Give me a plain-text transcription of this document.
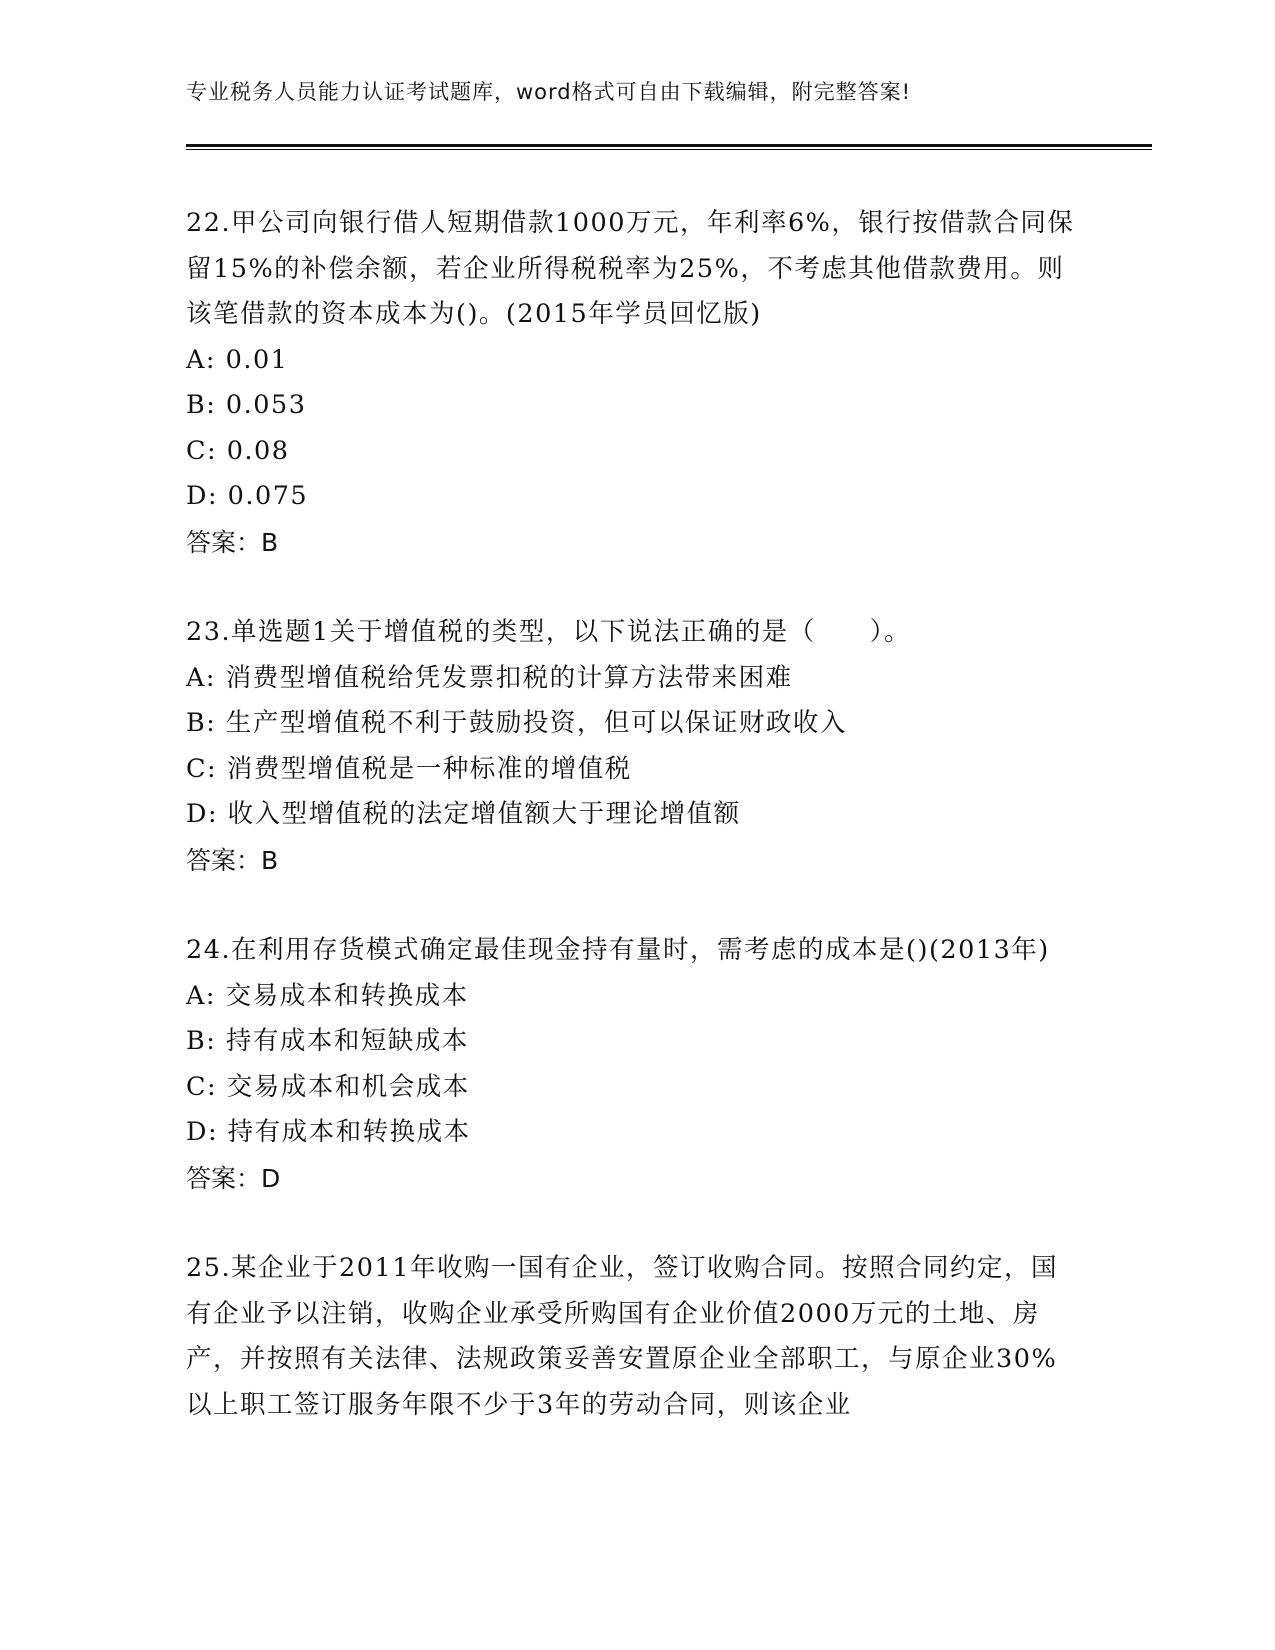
专业税务人员能力认证考试题库，word格式可自由下载编辑，附完整答案!

22.甲公司向银行借人短期借款1000万元，年利率6%，银行按借款合同保留15%的补偿余额，若企业所得税税率为25%，不考虑其他借款费用。则该笔借款的资本成本为()。(2015年学员回忆版)

A: 0.01

B: 0.053

C: 0.08

D: 0.075

答案：B

23.单选题1关于增值税的类型，以下说法正确的是（　　）。

A: 消费型增值税给凭发票扣税的计算方法带来困难

B: 生产型增值税不利于鼓励投资，但可以保证财政收入

C: 消费型增值税是一种标准的增值税

D: 收入型增值税的法定增值额大于理论增值额

答案：B

24.在利用存货模式确定最佳现金持有量时，需考虑的成本是()(2013年)

A: 交易成本和转换成本

B: 持有成本和短缺成本

C: 交易成本和机会成本

D: 持有成本和转换成本

答案：D

25.某企业于2011年收购一国有企业，签订收购合同。按照合同约定，国有企业予以注销，收购企业承受所购国有企业价值2000万元的土地、房产，并按照有关法律、法规政策妥善安置原企业全部职工，与原企业30%以上职工签订服务年限不少于3年的劳动合同，则该企业
